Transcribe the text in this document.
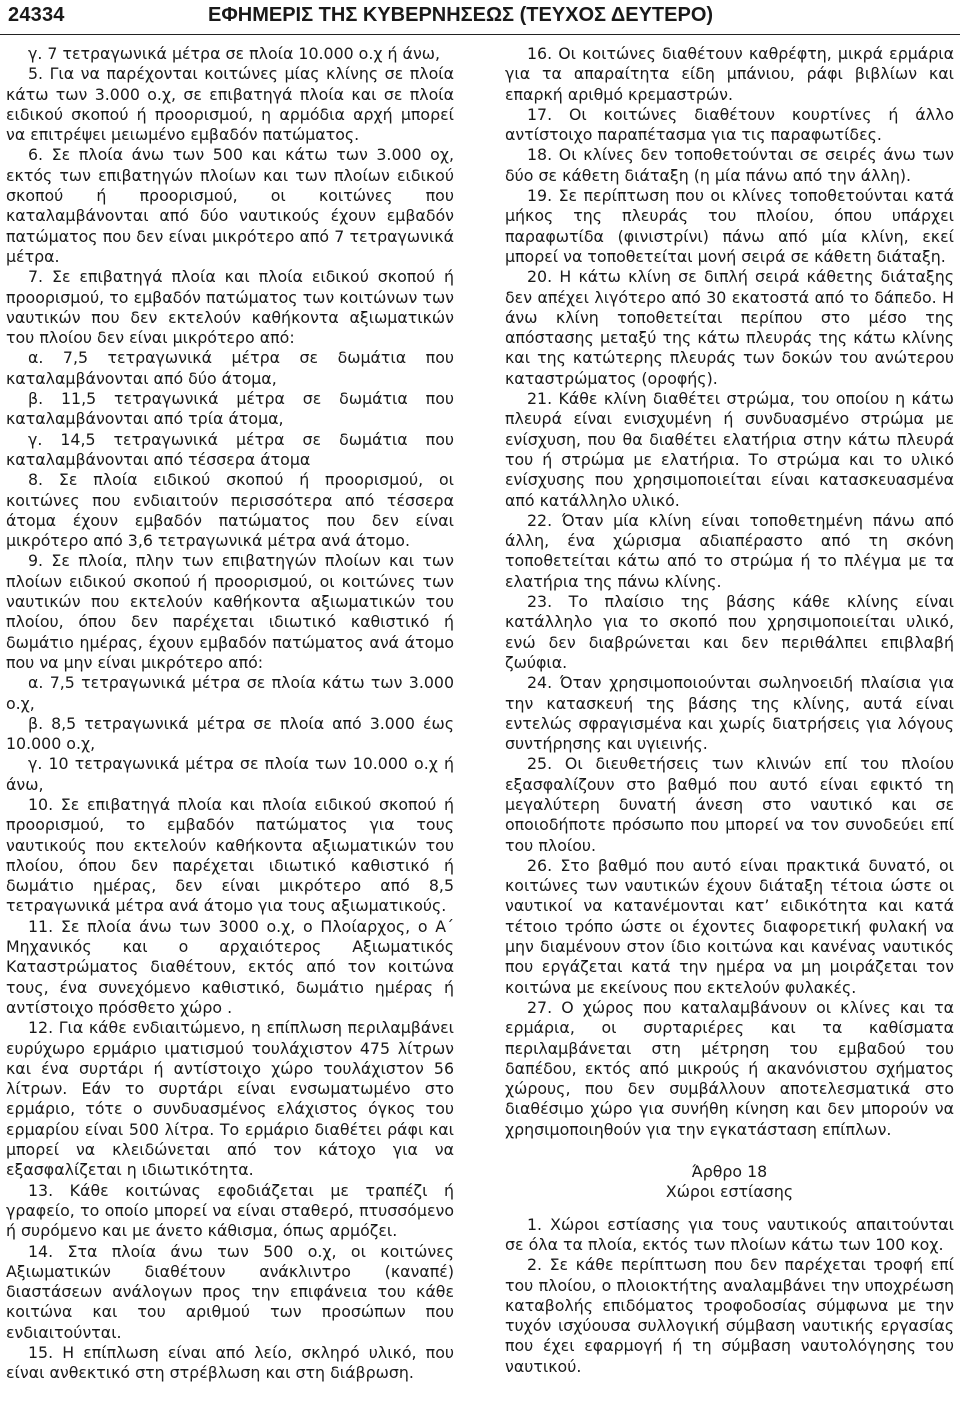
24334	ΕΦΗΜΕΡΙΣ ΤΗΣ ΚΥΒΕΡΝΗΣΕΩΣ (ΤΕΥΧΟΣ ΔΕΥΤΕΡΟ)

γ. 7 τετραγωνικά μέτρα σε πλοία 10.000 ο.χ ή άνω,

5. Για να παρέχονται κοιτώνες μίας κλίνης σε πλοία κάτω των 3.000 ο.χ, σε επιβατηγά πλοία και σε πλοία ειδικού σκοπού ή προορισμού, η αρμόδια αρχή μπορεί να επιτρέψει μειωμένο εμβαδόν πατώματος.

6. Σε πλοία άνω των 500 και κάτω των 3.000 οχ, εκτός των επιβατηγών πλοίων και των πλοίων ειδικού σκοπού ή προορισμού, οι κοιτώνες που καταλαμβάνονται από δύο ναυτικούς έχουν εμβαδόν πατώματος που δεν είναι μικρότερο από 7 τετραγωνικά μέτρα.

7. Σε επιβατηγά πλοία και πλοία ειδικού σκοπού ή προορισμού, το εμβαδόν πατώματος των κοιτώνων των ναυτικών που δεν εκτελούν καθήκοντα αξιωματικών του πλοίου δεν είναι μικρότερο από:

α. 7,5 τετραγωνικά μέτρα σε δωμάτια που καταλαμβάνονται από δύο άτομα,

β. 11,5 τετραγωνικά μέτρα σε δωμάτια που καταλαμβάνονται από τρία άτομα,

γ. 14,5 τετραγωνικά μέτρα σε δωμάτια που καταλαμβάνονται από τέσσερα άτομα

8. Σε πλοία ειδικού σκοπού ή προορισμού, οι κοιτώνες που ενδιαιτούν περισσότερα από τέσσερα άτομα έχουν εμβαδόν πατώματος που δεν είναι μικρότερο από 3,6 τετραγωνικά μέτρα ανά άτομο.

9. Σε πλοία, πλην των επιβατηγών πλοίων και των πλοίων ειδικού σκοπού ή προορισμού, οι κοιτώνες των ναυτικών που εκτελούν καθήκοντα αξιωματικών του πλοίου, όπου δεν παρέχεται ιδιωτικό καθιστικό ή δωμάτιο ημέρας, έχουν εμβαδόν πατώματος ανά άτομο που να μην είναι μικρότερο από:

α. 7,5 τετραγωνικά μέτρα σε πλοία κάτω των 3.000 ο.χ,

β. 8,5 τετραγωνικά μέτρα σε πλοία από 3.000 έως 10.000 ο.χ,

γ. 10 τετραγωνικά μέτρα σε πλοία των 10.000 ο.χ ή άνω,

10. Σε επιβατηγά πλοία και πλοία ειδικού σκοπού ή προορισμού, το εμβαδόν πατώματος για τους ναυτικούς που εκτελούν καθήκοντα αξιωματικών του πλοίου, όπου δεν παρέχεται ιδιωτικό καθιστικό ή δωμάτιο ημέρας, δεν είναι μικρότερο από 8,5 τετραγωνικά μέτρα ανά άτομο για τους αξιωματικούς.

11. Σε πλοία άνω των 3000 ο.χ, ο Πλοίαρχος, ο Α΄ Μηχανικός και ο αρχαιότερος Αξιωματικός Καταστρώματος διαθέτουν, εκτός από τον κοιτώνα τους, ένα συνεχόμενο καθιστικό, δωμάτιο ημέρας ή αντίστοιχο πρόσθετο χώρο .

12. Για κάθε ενδιαιτώμενο, η επίπλωση περιλαμβάνει ευρύχωρο ερμάριο ιματισμού τουλάχιστον 475 λίτρων και ένα συρτάρι ή αντίστοιχο χώρο τουλάχιστον 56 λίτρων. Εάν το συρτάρι είναι ενσωματωμένο στο ερμάριο, τότε ο συνδυασμένος ελάχιστος όγκος του ερμαρίου είναι 500 λίτρα. Το ερμάριο διαθέτει ράφι και μπορεί να κλειδώνεται από τον κάτοχο για να εξασφαλίζεται η ιδιωτικότητα.

13. Κάθε κοιτώνας εφοδιάζεται με τραπέζι ή γραφείο, το οποίο μπορεί να είναι σταθερό, πτυσσόμενο ή συρόμενο και με άνετο κάθισμα, όπως αρμόζει.

14. Στα πλοία άνω των 500 ο.χ, οι κοιτώνες Αξιωματικών διαθέτουν ανάκλιντρο (καναπέ) διαστάσεων ανάλογων προς την επιφάνεια του κάθε κοιτώνα και του αριθμού των προσώπων που ενδιαιτούνται.

15. Η επίπλωση είναι από λείο, σκληρό υλικό, που είναι ανθεκτικό στη στρέβλωση και στη διάβρωση.

16. Οι κοιτώνες διαθέτουν καθρέφτη, μικρά ερμάρια για τα απαραίτητα είδη μπάνιου, ράφι βιβλίων και επαρκή αριθμό κρεμαστρών.

17. Οι κοιτώνες διαθέτουν κουρτίνες ή άλλο αντίστοιχο παραπέτασμα για τις παραφωτίδες.

18. Οι κλίνες δεν τοποθετούνται σε σειρές άνω των δύο σε κάθετη διάταξη (η μία πάνω από την άλλη).

19. Σε περίπτωση που οι κλίνες τοποθετούνται κατά μήκος της πλευράς του πλοίου, όπου υπάρχει παραφωτίδα (φινιστρίνι) πάνω από μία κλίνη, εκεί μπορεί να τοποθετείται μονή σειρά σε κάθετη διάταξη.

20. Η κάτω κλίνη σε διπλή σειρά κάθετης διάταξης δεν απέχει λιγότερο από 30 εκατοστά από το δάπεδο. Η άνω κλίνη τοποθετείται περίπου στο μέσο της απόστασης μεταξύ της κάτω πλευράς της κάτω κλίνης και της κατώτερης πλευράς των δοκών του ανώτερου καταστρώματος (οροφής).

21. Κάθε κλίνη διαθέτει στρώμα, του οποίου η κάτω πλευρά είναι ενισχυμένη ή συνδυασμένο στρώμα με ενίσχυση, που θα διαθέτει ελατήρια στην κάτω πλευρά του ή στρώμα με ελατήρια. Το στρώμα και το υλικό ενίσχυσης που χρησιμοποιείται είναι κατασκευασμένα από κατάλληλο υλικό.

22. Όταν μία κλίνη είναι τοποθετημένη πάνω από άλλη, ένα χώρισμα αδιαπέραστο από τη σκόνη τοποθετείται κάτω από το στρώμα ή το πλέγμα με τα ελατήρια της πάνω κλίνης.

23. Το πλαίσιο της βάσης κάθε κλίνης είναι κατάλληλο για το σκοπό που χρησιμοποιείται υλικό, ενώ δεν διαβρώνεται και δεν περιθάλπει επιβλαβή ζωύφια.

24. Όταν χρησιμοποιούνται σωληνοειδή πλαίσια για την κατασκευή της βάσης της κλίνης, αυτά είναι εντελώς σφραγισμένα και χωρίς διατρήσεις για λόγους συντήρησης και υγιεινής.

25. Οι διευθετήσεις των κλινών επί του πλοίου εξασφαλίζουν στο βαθμό που αυτό είναι εφικτό τη μεγαλύτερη δυνατή άνεση στο ναυτικό και σε οποιοδήποτε πρόσωπο που μπορεί να τον συνοδεύει επί του πλοίου.

26. Στο βαθμό που αυτό είναι πρακτικά δυνατό, οι κοιτώνες των ναυτικών έχουν διάταξη τέτοια ώστε οι ναυτικοί να κατανέμονται κατ’ ειδικότητα και κατά τέτοιο τρόπο ώστε οι έχοντες διαφορετική φυλακή να μην διαμένουν στον ίδιο κοιτώνα και κανένας ναυτικός που εργάζεται κατά την ημέρα να μη μοιράζεται τον κοιτώνα με εκείνους που εκτελούν φυλακές.

27. Ο χώρος που καταλαμβάνουν οι κλίνες και τα ερμάρια, οι συρταριέρες και τα καθίσματα περιλαμβάνεται στη μέτρηση του εμβαδού του δαπέδου, εκτός από μικρούς ή ακανόνιστου σχήματος χώρους, που δεν συμβάλλουν αποτελεσματικά στο διαθέσιμο χώρο για συνήθη κίνηση και δεν μπορούν να χρησιμοποιηθούν για την εγκατάσταση επίπλων.

Άρθρο 18

Χώροι εστίασης

1. Χώροι εστίασης για τους ναυτικούς απαιτούνται σε όλα τα πλοία, εκτός των πλοίων κάτω των 100 κοχ.

2. Σε κάθε περίπτωση που δεν παρέχεται τροφή επί του πλοίου, ο πλοιοκτήτης αναλαμβάνει την υποχρέωση καταβολής επιδόματος τροφοδοσίας σύμφωνα με την τυχόν ισχύουσα συλλογική σύμβαση ναυτικής εργασίας που έχει εφαρμογή ή τη σύμβαση ναυτολόγησης του ναυτικού.
